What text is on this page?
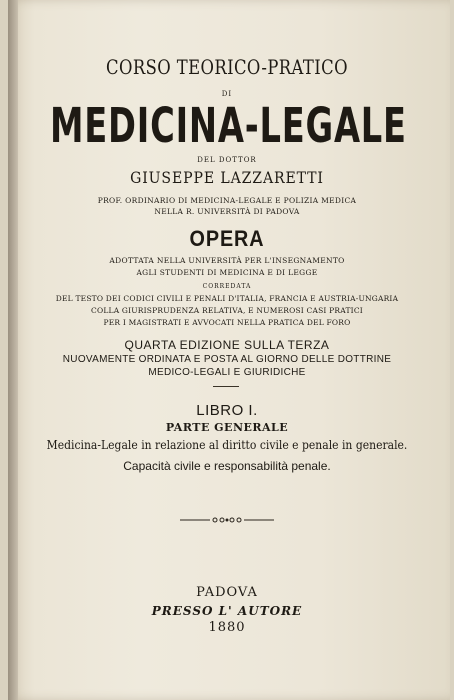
CORSO TEORICO-PRATICO
DI
MEDICINA-LEGALE
DEL DOTTOR
GIUSEPPE LAZZARETTI
PROF. ORDINARIO DI MEDICINA-LEGALE E POLIZIA MEDICA
NELLA R. UNIVERSITÀ DI PADOVA
OPERA
ADOTTATA NELLA UNIVERSITÀ PER L'INSEGNAMENTO
AGLI STUDENTI DI MEDICINA E DI LEGGE
CORREDATA
DEL TESTO DEI CODICI CIVILI E PENALI D'ITALIA, FRANCIA E AUSTRIA-UNGARIA
COLLA GIURISPRUDENZA RELATIVA, E NUMEROSI CASI PRATICI
PER I MAGISTRATI E AVVOCATI NELLA PRATICA DEL FORO
QUARTA EDIZIONE SULLA TERZA
NUOVAMENTE ORDINATA E POSTA AL GIORNO DELLE DOTTRINE
MEDICO-LEGALI E GIURIDICHE
LIBRO I.
PARTE GENERALE
Medicina-Legale in relazione al diritto civile e penale in generale.
Capacità civile e responsabilità penale.
PADOVA
PRESSO L' AUTORE
1880
